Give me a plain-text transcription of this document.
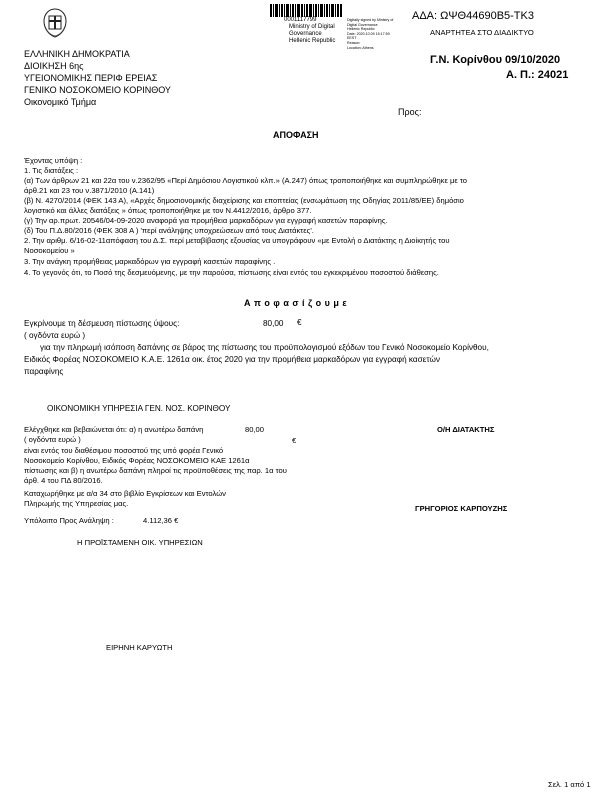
0001117799
Ministry of Digital
Governance
Hellenic Republic
Digitally signed by Ministry of
Digital Governance
Hellenic Republic
Date: 2020.10.09 15:17:59
EEST
Reason:
Location: Athens
ΑΔΑ: ΩΨΘ44690Β5-ΤΚ3
ΑΝΑΡΤΗΤΕΑ ΣΤΟ ΔΙΑΔΙΚΤΥΟ
ΕΛΛΗΝΙΚΗ ΔΗΜΟΚΡΑΤΙΑ
ΔΙΟΙΚΗΣΗ 6ης
ΥΓΕΙΟΝΟΜΙΚΗΣ ΠΕΡΙΦ ΕΡΕΙΑΣ
ΓΕΝΙΚΟ ΝΟΣΟΚΟΜΕΙΟ ΚΟΡΙΝΘΟΥ
Οικονομικό Τμήμα
Γ.Ν. Κορίνθου 09/10/2020
Α. Π.: 24021
Προς:
ΑΠΟΦΑΣΗ
Έχοντας υπόψη :
1. Τις διατάξεις :
(α) Των άρθρων 21 και 22α του ν.2362/95 «Περί Δημόσιου Λογιστικού κλπ.» (Α.247) όπως τροποποιήθηκε και συμπληρώθηκε με το
άρθ.21 και 23 του ν.3871/2010 (Α.141)
(β) Ν. 4270/2014 (ΦΕΚ 143 Α), «Αρχές δημοσιονομικής διαχείρισης και εποπτείας (ενσωμάτωση της Οδηγίας 2011/85/ΕΕ) δημόσιο
λογιστικό και άλλες διατάξεις » όπως τροποποιήθηκε με τον Ν.4412/2016, άρθρο 377.
(γ) Την αρ.πρωτ. 20546/04-09-2020 αναφορά για προμήθεια μαρκαδόρων για εγγραφή κασετών παραφίνης.
(δ) Του Π.Δ.80/2016 (ΦΕΚ 308 Α ) 'περί ανάληψης υποχρεώσεων από τους Διατάκτες'.
2. Την αριθμ. 6/16-02-11απόφαση του Δ.Σ. περί μεταβίβασης εξουσίας να υπογράφουν «με Εντολή ο Διατάκτης η Διοίκητής του
Νοσοκομείου »
3. Την ανάγκη προμήθειας μαρκαδόρων για εγγραφή κασετών παραφίνης .
4. Το γεγονός ότι, το Ποσό της δεσμευόμενης, με την παρούσα, πίστωσης είναι εντός του εγκεκριμένου ποσοστού διάθεσης.
Α π ο φ α σ ί ζ ο υ μ ε
Εγκρίνουμε τη δέσμευση πίστωσης ύψους:	80,00 €
( ογδόντα ευρώ )
για την πληρωμή ισόποση δαπάνης σε βάρος της πίστωσης του προϋπολογισμού εξόδων του Γενικό Νοσοκομείο Κορίνθου,
Ειδικός Φορέας ΝΟΣΟΚΟΜΕΙΟ Κ.Α.Ε. 1261α οικ. έτος 2020 για την προμήθεια μαρκαδόρων για εγγραφή κασετών
παραφίνης
ΟΙΚΟΝΟΜΙΚΗ ΥΠΗΡΕΣΙΑ ΓΕΝ. ΝΟΣ. ΚΟΡΙΝΘΟΥ
Ελέγχθηκε και βεβαιώνεται ότι: α) η ανωτέρω δαπάνη	80,00
( ογδόντα ευρώ )	€
είναι εντός του διαθέσιμου ποσοστού της υπό φορέα Γενικό
Νοσοκομείο Κορίνθου, Ειδικός Φορέας ΝΟΣΟΚΟΜΕΙΟ ΚΑΕ 1261α
πίστωσης και β) η ανωτέρω δαπάνη πληροί τις προϋποθέσεις της παρ. 1α του
άρθ. 4 του ΠΔ 80/2016.
Καταχωρήθηκε με α/α 34 στο βιβλίο Εγκρίσεων και Εντολών
Πληρωμής της Υπηρεσίας μας.
Υπόλοιπο Προς Ανάληψη :	4.112,36 €
Η ΠΡΟΪΣΤΑΜΕΝΗ ΟΙΚ. ΥΠΗΡΕΣΙΩΝ
ΕΙΡΗΝΗ ΚΑΡΥΩΤΗ
Ο/Η ΔΙΑΤΑΚΤΗΣ
ΓΡΗΓΟΡΙΟΣ ΚΑΡΠΟΥΖΗΣ
Σελ. 1 από 1
